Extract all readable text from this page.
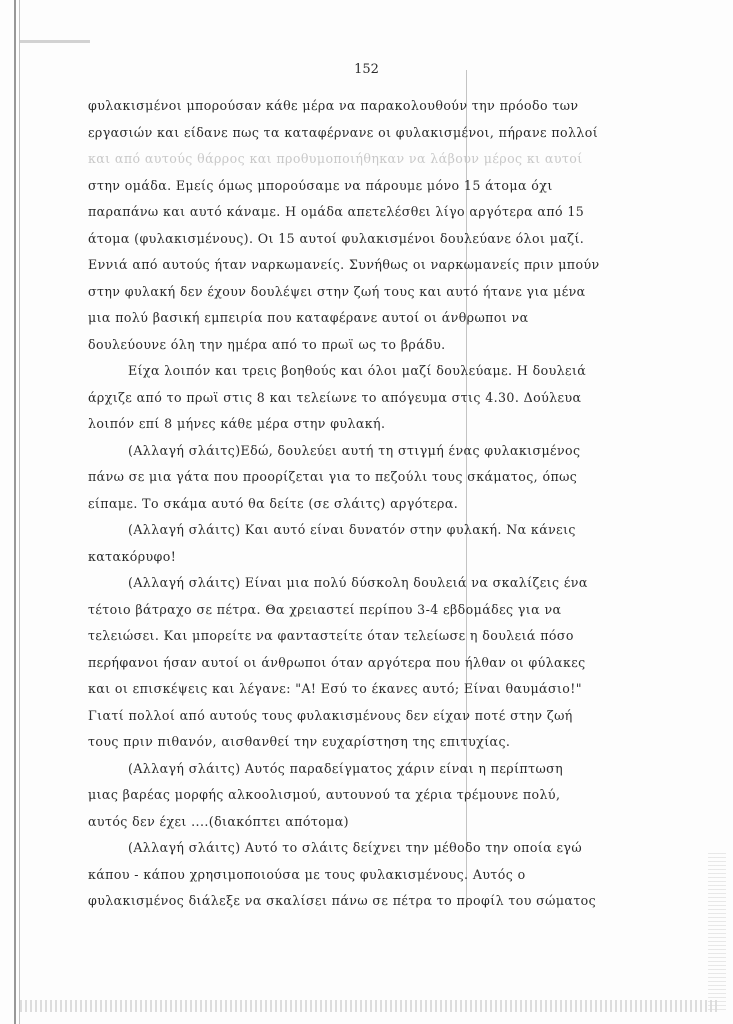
152

φυλακισμένοι μπορούσαν κάθε μέρα να παρακολουθούν την πρόοδο των

εργασιών και είδανε πως τα καταφέρνανε οι φυλακισμένοι, πήρανε πολλοί

και από αυτούς θάρρος και προθυμοποιήθηκαν να λάβουν μέρος κι αυτοί

στην ομάδα. Εμείς όμως μπορούσαμε να πάρουμε μόνο 15 άτομα όχι

παραπάνω και αυτό κάναμε. Η ομάδα απετελέσθει λίγο αργότερα από 15

άτομα (φυλακισμένους). Οι 15 αυτοί φυλακισμένοι δουλεύανε όλοι μαζί.

Εννιά από αυτούς ήταν ναρκωμανείς. Συνήθως οι ναρκωμανείς πριν μπούν

στην φυλακή δεν έχουν δουλέψει στην ζωή τους και αυτό ήτανε για μένα

μια πολύ βασική εμπειρία που καταφέρανε αυτοί οι άνθρωποι να

δουλεύουνε όλη την ημέρα από το πρωϊ ως το βράδυ.

Είχα λοιπόν και τρεις βοηθούς και όλοι μαζί δουλεύαμε. Η δουλειά

άρχιζε από το πρωϊ στις 8 και τελείωνε το απόγευμα στις 4.30. Δούλευα

λοιπόν επί 8 μήνες κάθε μέρα στην φυλακή.

(Αλλαγή σλάιτς)Εδώ, δουλεύει αυτή τη στιγμή ένας φυλακισμένος

πάνω σε μια γάτα που προορίζεται για το πεζούλι τους σκάματος, όπως

είπαμε. Το σκάμα αυτό θα δείτε (σε σλάιτς) αργότερα.

(Αλλαγή σλάιτς) Και αυτό είναι δυνατόν στην φυλακή. Να κάνεις

κατακόρυφο!

(Αλλαγή σλάιτς) Είναι μια πολύ δύσκολη δουλειά να σκαλίζεις ένα

τέτοιο βάτραχο σε πέτρα. Θα χρειαστεί περίπου 3-4 εβδομάδες για να

τελειώσει. Και μπορείτε να φανταστείτε όταν τελείωσε η δουλειά πόσο

περήφανοι ήσαν αυτοί οι άνθρωποι όταν αργότερα που ήλθαν οι φύλακες

και οι επισκέψεις και λέγανε: "Α! Εσύ το έκανες αυτό; Είναι θαυμάσιο!"

Γιατί πολλοί από αυτούς τους φυλακισμένους δεν είχαν ποτέ στην ζωή

τους πριν πιθανόν, αισθανθεί την ευχαρίστηση της επιτυχίας.

(Αλλαγή σλάιτς) Αυτός παραδείγματος χάριν είναι η περίπτωση

μιας βαρέας μορφής αλκοολισμού, αυτουνού τα χέρια τρέμουνε πολύ,

αυτός δεν έχει ....(διακόπτει απότομα)

(Αλλαγή σλάιτς) Αυτό το σλάιτς δείχνει την μέθοδο την οποία εγώ

κάπου - κάπου χρησιμοποιούσα με τους φυλακισμένους. Αυτός ο

φυλακισμένος διάλεξε να σκαλίσει πάνω σε πέτρα το προφίλ του σώματος
